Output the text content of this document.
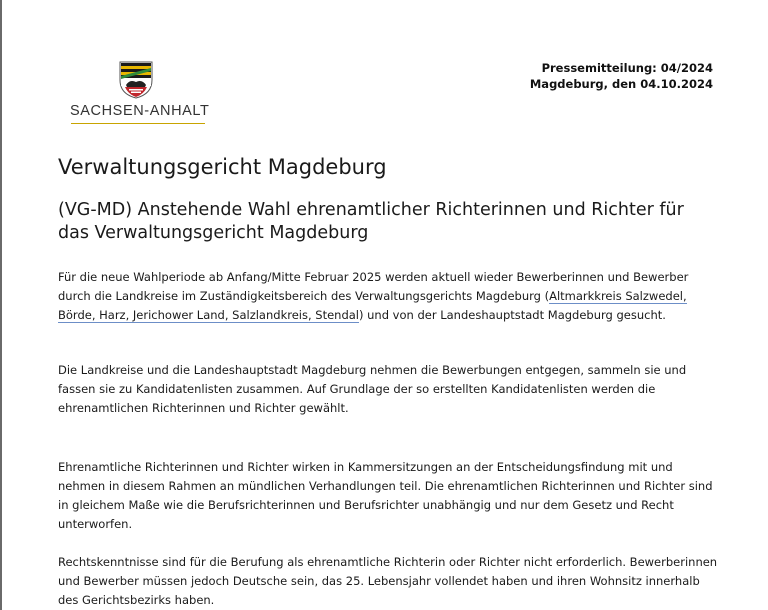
SACHSEN-ANHALT
Pressemitteilung: 04/2024
Magdeburg, den 04.10.2024
Verwaltungsgericht Magdeburg
(VG-MD) Anstehende Wahl ehrenamtlicher Richterinnen und Richter für das Verwaltungsgericht Magdeburg

Für die neue Wahlperiode ab Anfang/Mitte Februar 2025 werden aktuell wieder Bewerberinnen und Bewerber durch die Landkreise im Zuständigkeitsbereich des Verwaltungsgerichts Magdeburg (Altmarkkreis Salzwedel, Börde, Harz, Jerichower Land, Salzlandkreis, Stendal) und von der Landeshauptstadt Magdeburg gesucht.

Die Landkreise und die Landeshauptstadt Magdeburg nehmen die Bewerbungen entgegen, sammeln sie und fassen sie zu Kandidatenlisten zusammen. Auf Grundlage der so erstellten Kandidatenlisten werden die ehrenamtlichen Richterinnen und Richter gewählt.

Ehrenamtliche Richterinnen und Richter wirken in Kammersitzungen an der Entscheidungsfindung mit und nehmen in diesem Rahmen an mündlichen Verhandlungen teil. Die ehrenamtlichen Richterinnen und Richter sind in gleichem Maße wie die Berufsrichterinnen und Berufsrichter unabhängig und nur dem Gesetz und Recht unterworfen.

Rechtskenntnisse sind für die Berufung als ehrenamtliche Richterin oder Richter nicht erforderlich. Bewerberinnen und Bewerber müssen jedoch Deutsche sein, das 25. Lebensjahr vollendet haben und ihren Wohnsitz innerhalb des Gerichtsbezirks haben.
